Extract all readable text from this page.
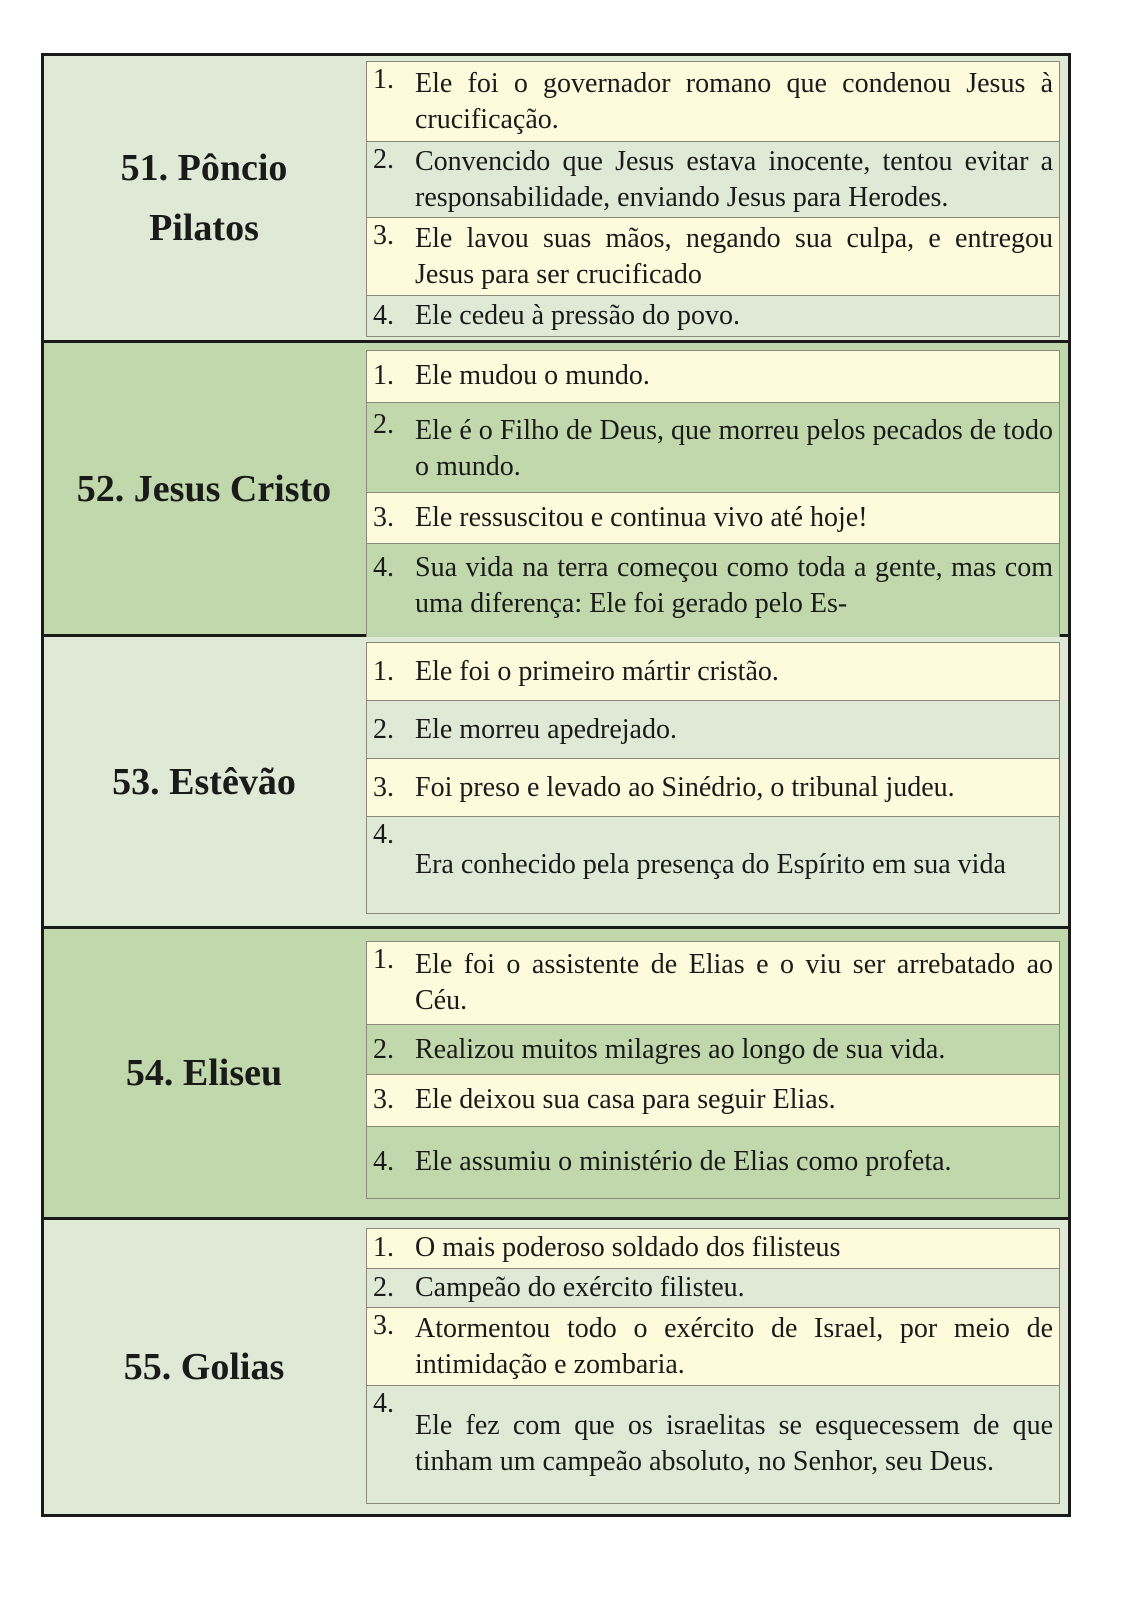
51. Pôncio
Pilatos
1. Ele foi o governador romano que condenou Jesus à crucificação.
2. Convencido que Jesus estava inocente, tentou evitar a responsabilidade, enviando Jesus para Herodes.
3. Ele lavou suas mãos, negando sua culpa, e entregou Jesus para ser crucificado
4. Ele cedeu à pressão do povo.
52. Jesus Cristo
1. Ele mudou o mundo.
2. Ele é o Filho de Deus, que morreu pelos pecados de todo o mundo.
3. Ele ressuscitou e continua vivo até hoje!
4. Sua vida na terra começou como toda a gente, mas com uma diferença: Ele foi gerado pelo Es-
53. Estêvão
1. Ele foi o primeiro mártir cristão.
2. Ele morreu apedrejado.
3. Foi preso e levado ao Sinédrio, o tribunal judeu.
4.
Era conhecido pela presença do Espírito em sua vida
54. Eliseu
1. Ele foi o assistente de Elias e o viu ser arrebatado ao Céu.
2. Realizou muitos milagres ao longo de sua vida.
3. Ele deixou sua casa para seguir Elias.
4. Ele assumiu o ministério de Elias como profeta.
55. Golias
1. O mais poderoso soldado dos filisteus
2. Campeão do exército filisteu.
3. Atormentou todo o exército de Israel, por meio de intimidação e zombaria.
4.
Ele fez com que os israelitas se esquecessem de que tinham um campeão absoluto, no Senhor, seu Deus.
